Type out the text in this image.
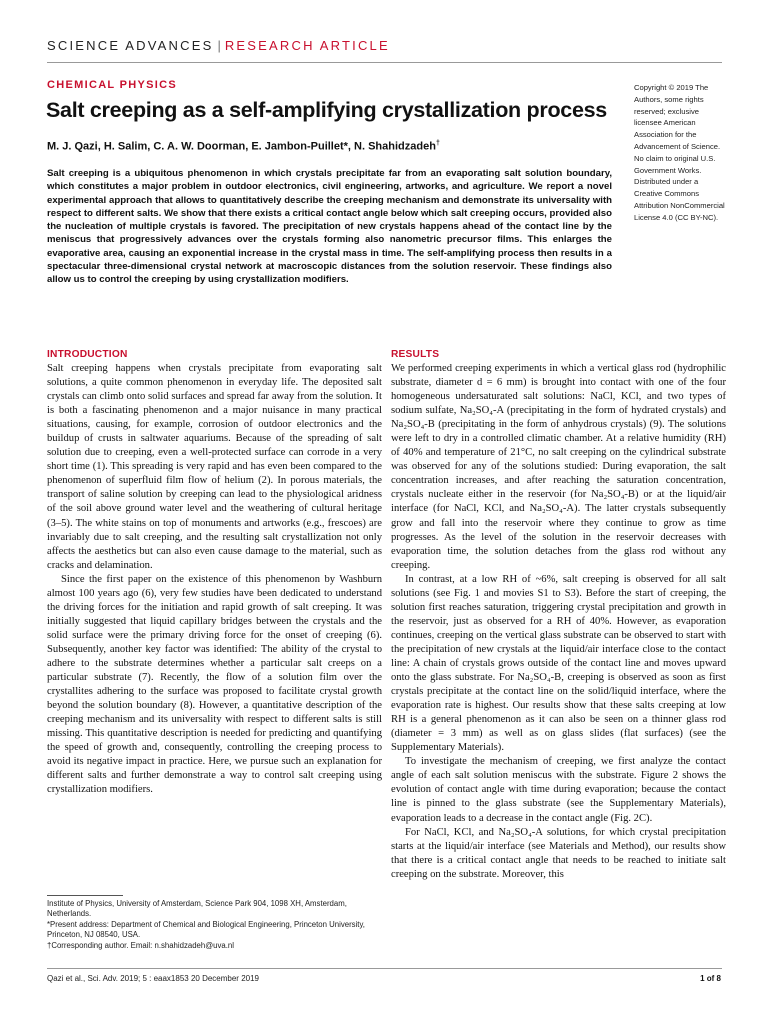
SCIENCE ADVANCES | RESEARCH ARTICLE
CHEMICAL PHYSICS
Salt creeping as a self-amplifying crystallization process
M. J. Qazi, H. Salim, C. A. W. Doorman, E. Jambon-Puillet*, N. Shahidzadeh†

Salt creeping is a ubiquitous phenomenon in which crystals precipitate far from an evaporating salt solution boundary, which constitutes a major problem in outdoor electronics, civil engineering, artworks, and agriculture. We report a novel experimental approach that allows to quantitatively describe the creeping mechanism and demonstrate its universality with respect to different salts. We show that there exists a critical contact angle below which salt creeping occurs, provided also the nucleation of multiple crystals is favored. The precipitation of new crystals happens ahead of the contact line by the meniscus that progressively advances over the crystals forming also nanometric precursor films. This enlarges the evaporative area, causing an exponential increase in the crystal mass in time. The self-amplifying process then results in a spectacular three-dimensional crystal network at macroscopic distances from the solution reservoir. These findings also allow us to control the creeping by using crystallization modifiers.

Copyright © 2019 The Authors, some rights reserved; exclusive licensee American Association for the Advancement of Science. No claim to original U.S. Government Works. Distributed under a Creative Commons Attribution NonCommercial License 4.0 (CC BY-NC).

INTRODUCTION

Salt creeping happens when crystals precipitate from evaporating salt solutions, a quite common phenomenon in everyday life. The deposited salt crystals can climb onto solid surfaces and spread far away from the solution. It is both a fascinating phenomenon and a major nuisance in many practical situations, causing, for example, corrosion of outdoor electronics and the buildup of crusts in saltwater aquariums. Because of the spreading of salt solution due to creeping, even a well-protected surface can corrode in a very short time (1). This spreading is very rapid and has even been compared to the phenomenon of superfluid film flow of helium (2). In porous materials, the transport of saline solution by creeping can lead to the physiological aridness of the soil above ground water level and the weathering of cultural heritage (3–5). The white stains on top of monuments and artworks (e.g., frescoes) are invariably due to salt creeping, and the resulting salt crystallization not only affects the aesthetics but can also even cause damage to the material, such as cracks and delamination.

Since the first paper on the existence of this phenomenon by Washburn almost 100 years ago (6), very few studies have been dedicated to understand the driving forces for the initiation and rapid growth of salt creeping. It was initially suggested that liquid capillary bridges between the crystals and the solid surface were the primary driving force for the onset of creeping (6). Subsequently, another key factor was identified: The ability of the crystal to adhere to the substrate determines whether a particular salt creeps on a particular substrate (7). Recently, the flow of a solution film over the crystallites adhering to the surface was proposed to facilitate crystal growth beyond the solution boundary (8). However, a quantitative description of the creeping mechanism and its universality with respect to different salts is still missing. This quantitative description is needed for predicting and quantifying the speed of growth and, consequently, controlling the creeping process to avoid its negative impact in practice. Here, we pursue such an explanation for different salts and further demonstrate a way to control salt creeping using crystallization modifiers.

RESULTS

We performed creeping experiments in which a vertical glass rod (hydrophilic substrate, diameter d = 6 mm) is brought into contact with one of the four homogeneous undersaturated salt solutions: NaCl, KCl, and two types of sodium sulfate, Na₂SO₄-A (precipitating in the form of hydrated crystals) and Na₂SO₄-B (precipitating in the form of anhydrous crystals) (9). The solutions were left to dry in a controlled climatic chamber. At a relative humidity (RH) of 40% and temperature of 21°C, no salt creeping on the cylindrical substrate was observed for any of the solutions studied: During evaporation, the salt concentration increases, and after reaching the saturation concentration, crystals nucleate either in the reservoir (for Na₂SO₄-B) or at the liquid/air interface (for NaCl, KCl, and Na₂SO₄-A). The latter crystals subsequently grow and fall into the reservoir where they continue to grow as time progresses. As the level of the solution in the reservoir decreases with evaporation time, the solution detaches from the glass rod without any creeping.

In contrast, at a low RH of ~6%, salt creeping is observed for all salt solutions (see Fig. 1 and movies S1 to S3). Before the start of creeping, the solution first reaches saturation, triggering crystal precipitation and growth in the reservoir, just as observed for a RH of 40%. However, as evaporation continues, creeping on the vertical glass substrate can be observed to start with the precipitation of new crystals at the liquid/air interface close to the contact line: A chain of crystals grows outside of the contact line and moves upward onto the glass substrate. For Na₂SO₄-B, creeping is observed as soon as first crystals precipitate at the contact line on the solid/liquid interface, where the evaporation rate is highest. Our results show that these salts creeping at low RH is a general phenomenon as it can also be seen on a thinner glass rod (diameter = 3 mm) as well as on glass slides (flat surfaces) (see the Supplementary Materials).

To investigate the mechanism of creeping, we first analyze the contact angle of each salt solution meniscus with the substrate. Figure 2 shows the evolution of contact angle with time during evaporation; because the contact line is pinned to the glass substrate (see the Supplementary Materials), evaporation leads to a decrease in the contact angle (Fig. 2C).

For NaCl, KCl, and Na₂SO₄-A solutions, for which crystal precipitation starts at the liquid/air interface (see Materials and Method), our results show that there is a critical contact angle that needs to be reached to initiate salt creeping on the substrate. Moreover, this

Institute of Physics, University of Amsterdam, Science Park 904, 1098 XH, Amsterdam, Netherlands.

*Present address: Department of Chemical and Biological Engineering, Princeton University, Princeton, NJ 08540, USA.

†Corresponding author. Email: n.shahidzadeh@uva.nl

Qazi et al., Sci. Adv. 2019; 5 : eaax1853 20 December 2019	1 of 8
